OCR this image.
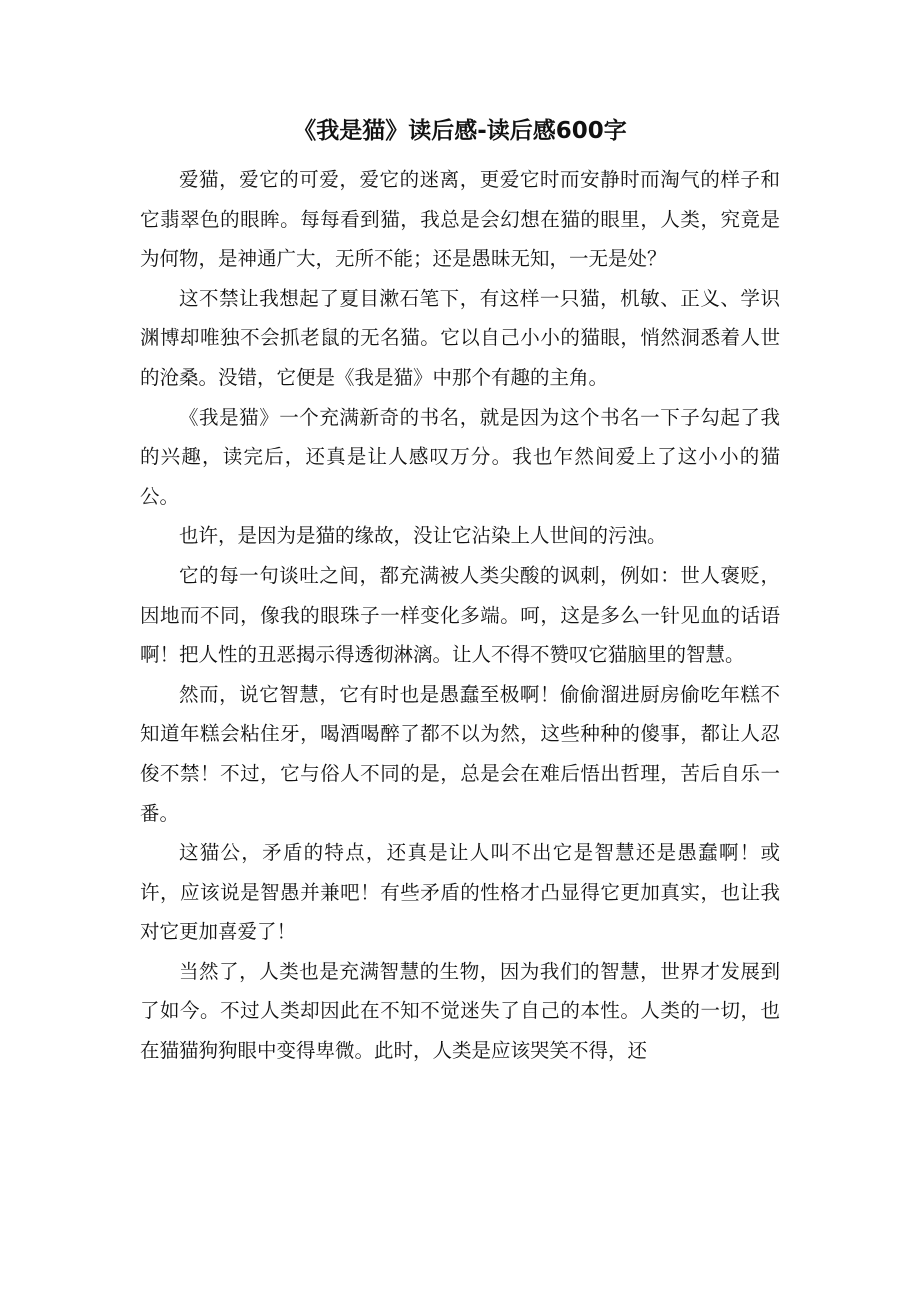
《我是猫》读后感-读后感600字

爱猫，爱它的可爱，爱它的迷离，更爱它时而安静时而淘气的样子和它翡翠色的眼眸。每每看到猫，我总是会幻想在猫的眼里，人类，究竟是为何物，是神通广大，无所不能；还是愚昧无知，一无是处？

这不禁让我想起了夏目漱石笔下，有这样一只猫，机敏、正义、学识渊博却唯独不会抓老鼠的无名猫。它以自己小小的猫眼，悄然洞悉着人世的沧桑。没错，它便是《我是猫》中那个有趣的主角。

《我是猫》一个充满新奇的书名，就是因为这个书名一下子勾起了我的兴趣，读完后，还真是让人感叹万分。我也乍然间爱上了这小小的猫公。

也许，是因为是猫的缘故，没让它沾染上人世间的污浊。

它的每一句谈吐之间，都充满被人类尖酸的讽刺，例如：世人褒贬，因地而不同，像我的眼珠子一样变化多端。呵，这是多么一针见血的话语啊！把人性的丑恶揭示得透彻淋漓。让人不得不赞叹它猫脑里的智慧。

然而，说它智慧，它有时也是愚蠢至极啊！偷偷溜进厨房偷吃年糕不知道年糕会粘住牙，喝酒喝醉了都不以为然，这些种种的傻事，都让人忍俊不禁！不过，它与俗人不同的是，总是会在难后悟出哲理，苦后自乐一番。

这猫公，矛盾的特点，还真是让人叫不出它是智慧还是愚蠢啊！或许，应该说是智愚并兼吧！有些矛盾的性格才凸显得它更加真实，也让我对它更加喜爱了！

当然了，人类也是充满智慧的生物，因为我们的智慧，世界才发展到了如今。不过人类却因此在不知不觉迷失了自己的本性。人类的一切，也在猫猫狗狗眼中变得卑微。此时，人类是应该哭笑不得，还
